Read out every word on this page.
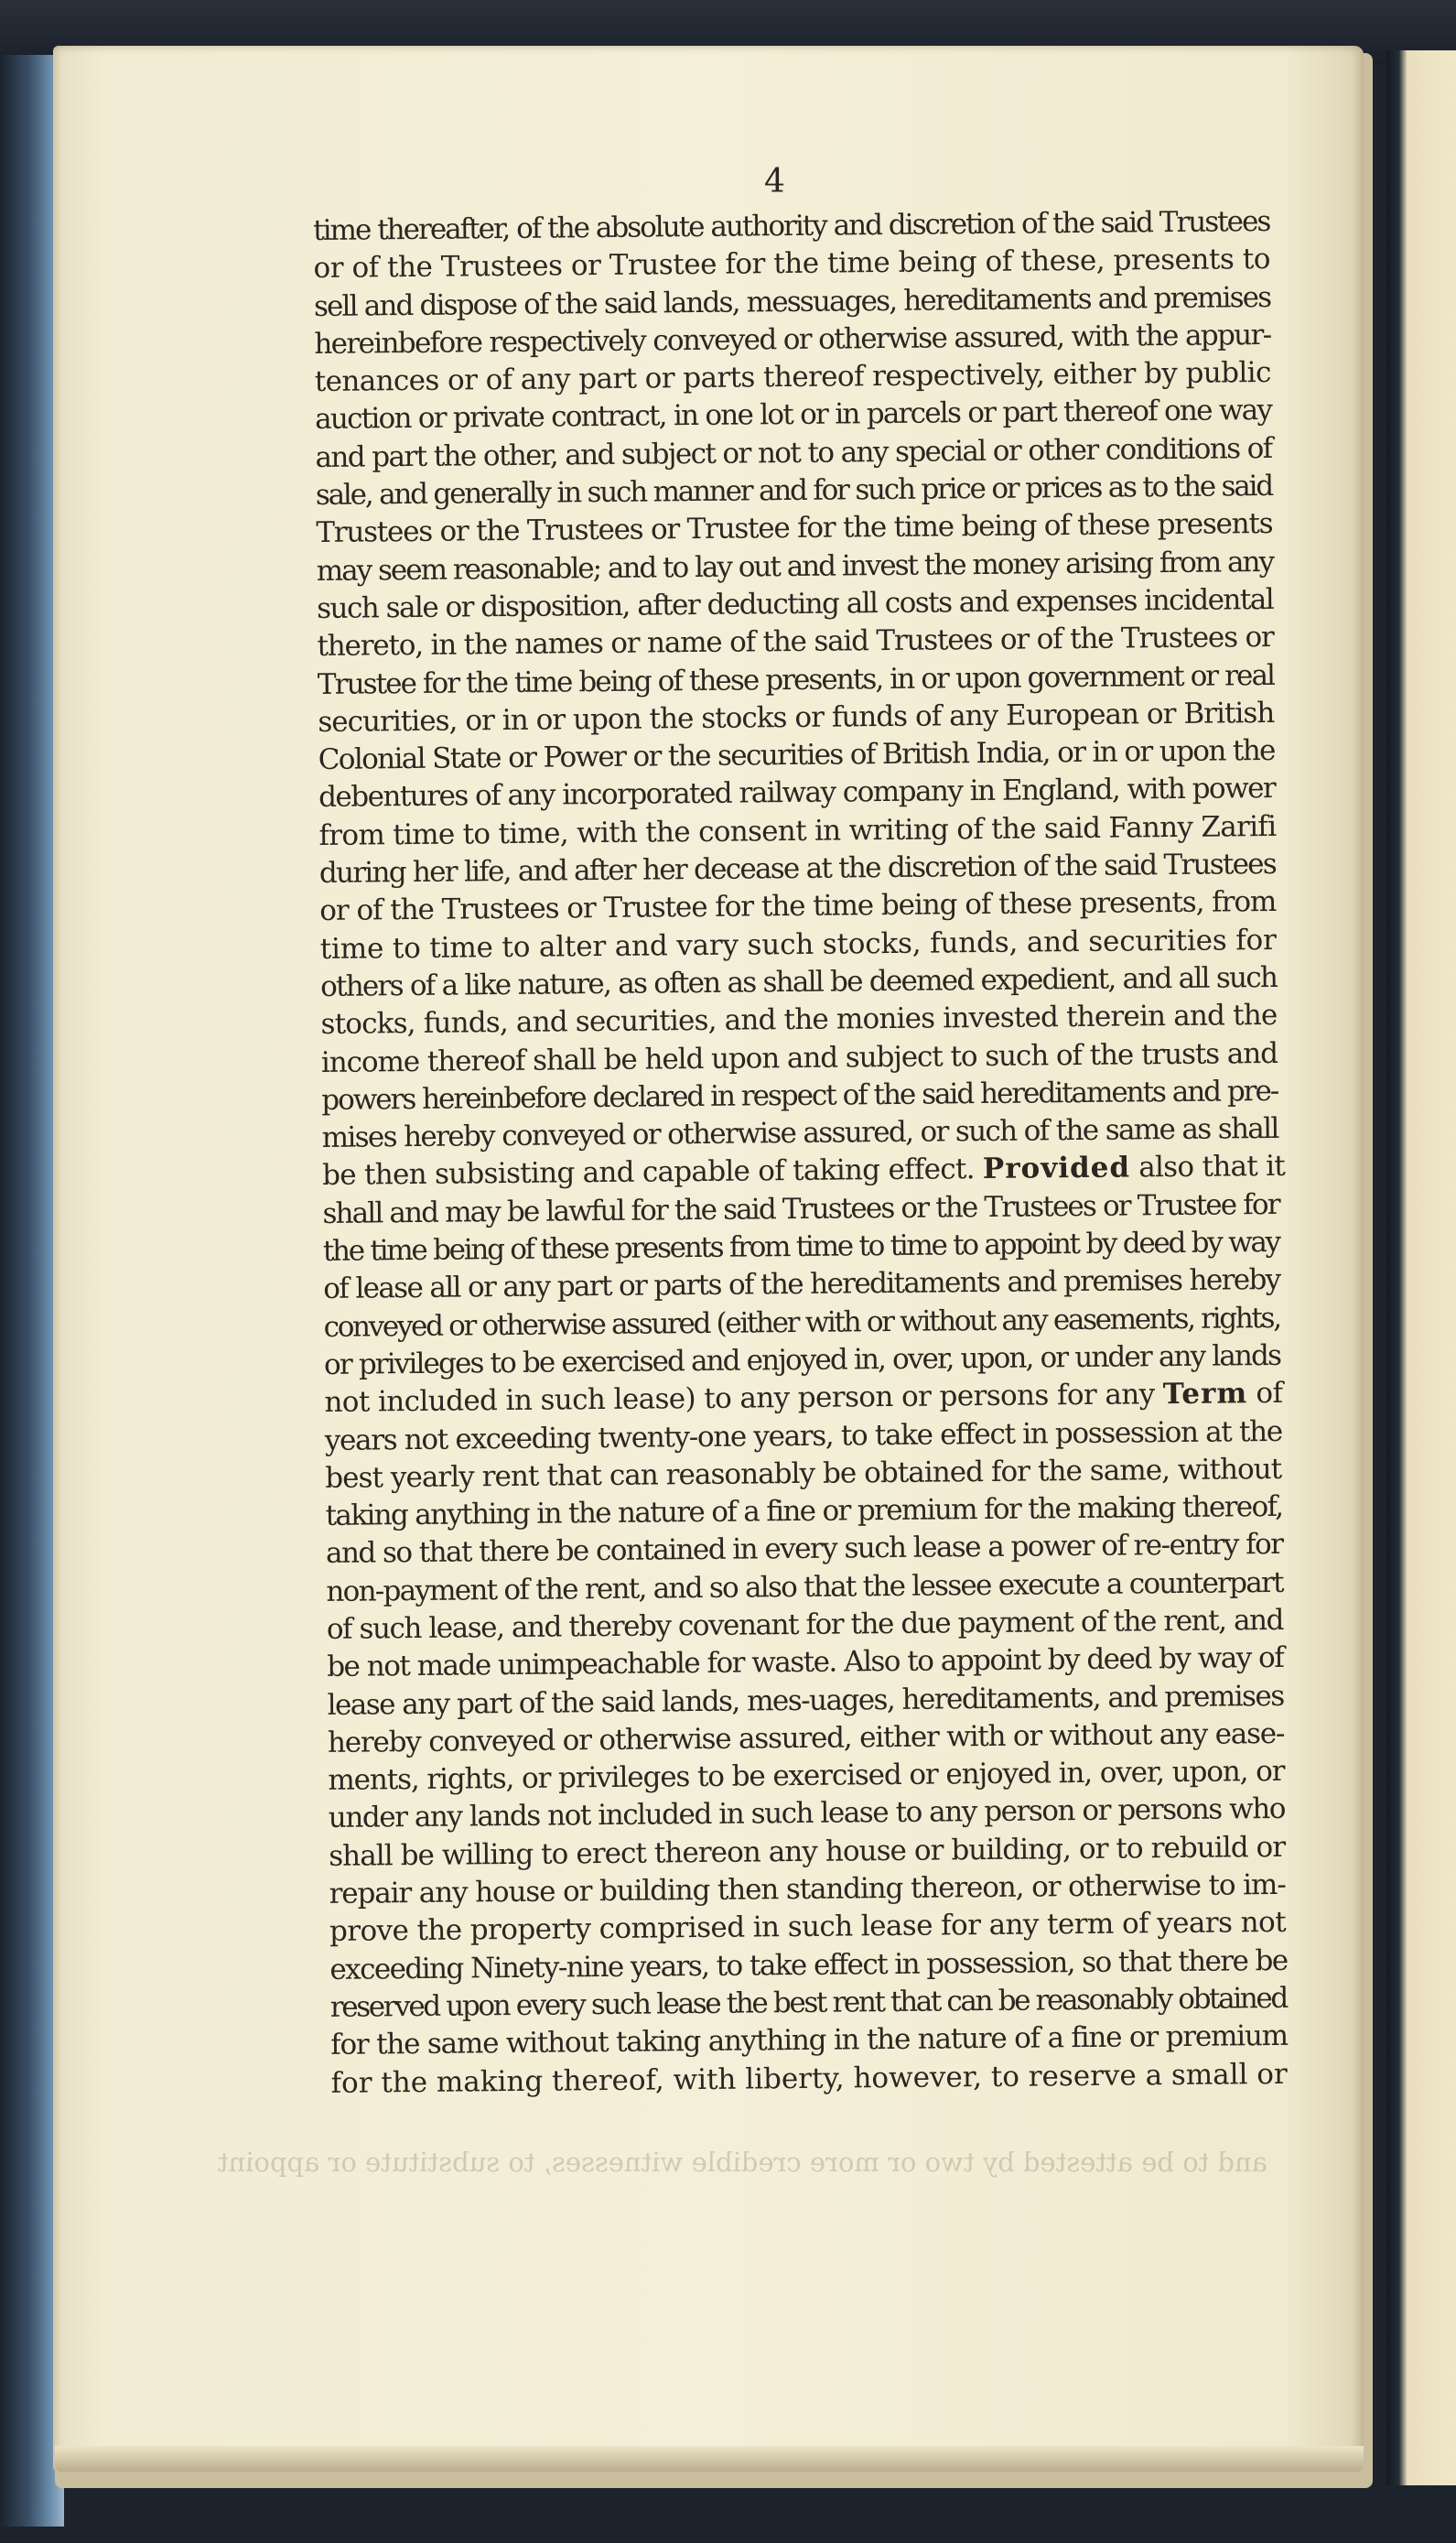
4
time thereafter, of the absolute authority and discretion of the said Trustees
or of the Trustees or Trustee for the time being of these, presents to
sell and dispose of the said lands, messuages, hereditaments and premises
hereinbefore respectively conveyed or otherwise assured, with the appur-
tenances or of any part or parts thereof respectively, either by public
auction or private contract, in one lot or in parcels or part thereof one way
and part the other, and subject or not to any special or other conditions of
sale, and generally in such manner and for such price or prices as to the said
Trustees or the Trustees or Trustee for the time being of these presents
may seem reasonable; and to lay out and invest the money arising from any
such sale or disposition, after deducting all costs and expenses incidental
thereto, in the names or name of the said Trustees or of the Trustees or
Trustee for the time being of these presents, in or upon government or real
securities, or in or upon the stocks or funds of any European or British
Colonial State or Power or the securities of British India, or in or upon the
debentures of any incorporated railway company in England, with power
from time to time, with the consent in writing of the said Fanny Zarifi
during her life, and after her decease at the discretion of the said Trustees
or of the Trustees or Trustee for the time being of these presents, from
time to time to alter and vary such stocks, funds, and securities for
others of a like nature, as often as shall be deemed expedient, and all such
stocks, funds, and securities, and the monies invested therein and the
income thereof shall be held upon and subject to such of the trusts and
powers hereinbefore declared in respect of the said hereditaments and pre-
mises hereby conveyed or otherwise assured, or such of the same as shall
be then subsisting and capable of taking effect. Provided also that it
shall and may be lawful for the said Trustees or the Trustees or Trustee for
the time being of these presents from time to time to appoint by deed by way
of lease all or any part or parts of the hereditaments and premises hereby
conveyed or otherwise assured (either with or without any easements, rights,
or privileges to be exercised and enjoyed in, over, upon, or under any lands
not included in such lease) to any person or persons for any Term of
years not exceeding twenty-one years, to take effect in possession at the
best yearly rent that can reasonably be obtained for the same, without
taking anything in the nature of a fine or premium for the making thereof,
and so that there be contained in every such lease a power of re-entry for
non-payment of the rent, and so also that the lessee execute a counterpart
of such lease, and thereby covenant for the due payment of the rent, and
be not made unimpeachable for waste. Also to appoint by deed by way of
lease any part of the said lands, mes-uages, hereditaments, and premises
hereby conveyed or otherwise assured, either with or without any ease-
ments, rights, or privileges to be exercised or enjoyed in, over, upon, or
under any lands not included in such lease to any person or persons who
shall be willing to erect thereon any house or building, or to rebuild or
repair any house or building then standing thereon, or otherwise to im-
prove the property comprised in such lease for any term of years not
exceeding Ninety-nine years, to take effect in possession, so that there be
reserved upon every such lease the best rent that can be reasonably obtained
for the same without taking anything in the nature of a fine or premium
for the making thereof, with liberty, however, to reserve a small or
and to be attested by two or more credible witnesses, to substitute or appoint
